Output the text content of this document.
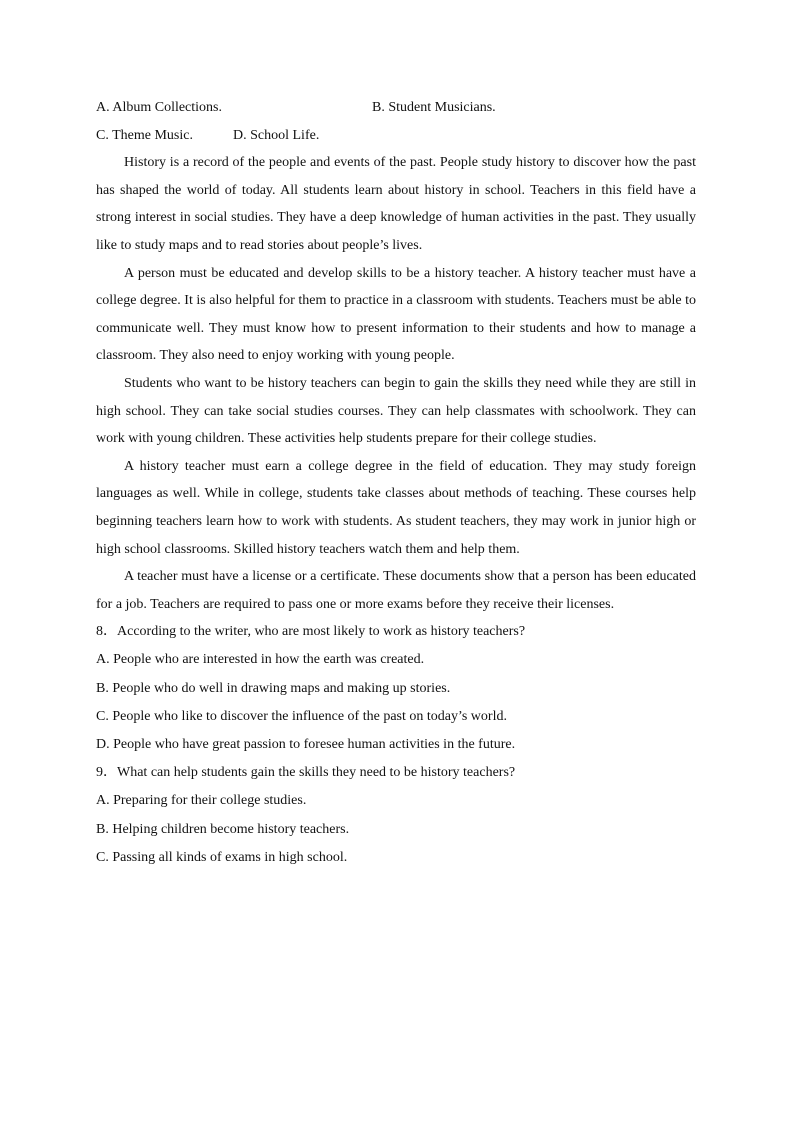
A. Album Collections.	B. Student Musicians.
C. Theme Music.	D. School Life.

History is a record of the people and events of the past. People study history to discover how the past has shaped the world of today. All students learn about history in school. Teachers in this field have a strong interest in social studies. They have a deep knowledge of human activities in the past. They usually like to study maps and to read stories about people’s lives.

A person must be educated and develop skills to be a history teacher. A history teacher must have a college degree. It is also helpful for them to practice in a classroom with students. Teachers must be able to communicate well. They must know how to present information to their students and how to manage a classroom. They also need to enjoy working with young people.

Students who want to be history teachers can begin to gain the skills they need while they are still in high school. They can take social studies courses. They can help classmates with schoolwork. They can work with young children. These activities help students prepare for their college studies.

A history teacher must earn a college degree in the field of education. They may study foreign languages as well. While in college, students take classes about methods of teaching. These courses help beginning teachers learn how to work with students. As student teachers, they may work in junior high or high school classrooms. Skilled history teachers watch them and help them.

A teacher must have a license or a certificate. These documents show that a person has been educated for a job. Teachers are required to pass one or more exams before they receive their licenses.

8．According to the writer, who are most likely to work as history teachers?
A. People who are interested in how the earth was created.
B. People who do well in drawing maps and making up stories.
C. People who like to discover the influence of the past on today’s world.
D. People who have great passion to foresee human activities in the future.
9．What can help students gain the skills they need to be history teachers?
A. Preparing for their college studies.
B. Helping children become history teachers.
C. Passing all kinds of exams in high school.
